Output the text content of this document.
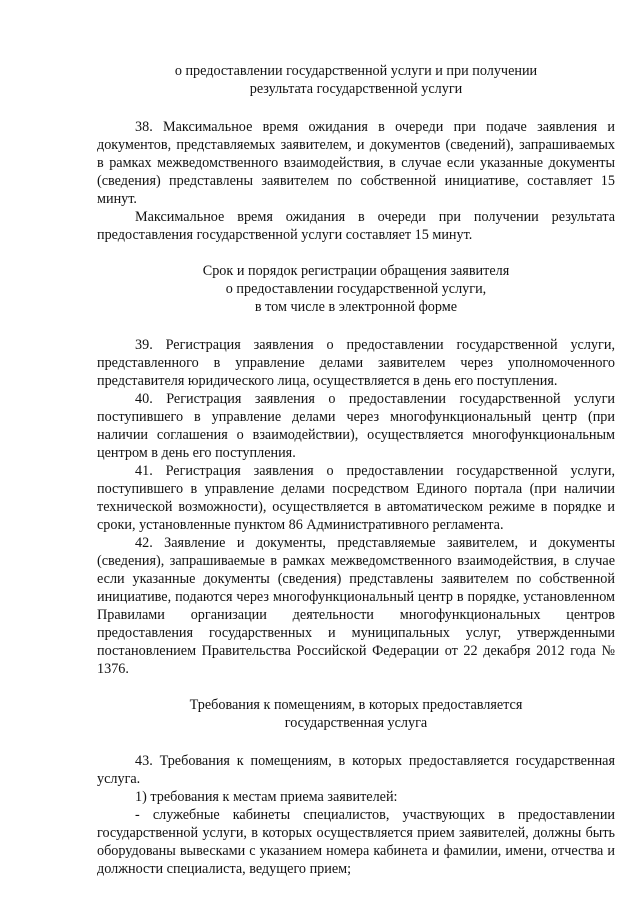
о предоставлении государственной услуги и при получении
результата государственной услуги

38. Максимальное время ожидания в очереди при подаче заявления и документов, представляемых заявителем, и документов (сведений), запрашиваемых в рамках межведомственного взаимодействия, в случае если указанные документы (сведения) представлены заявителем по собственной инициативе, составляет 15 минут.

Максимальное время ожидания в очереди при получении результата предоставления государственной услуги составляет 15 минут.

Срок и порядок регистрации обращения заявителя
о предоставлении государственной услуги,
в том числе в электронной форме

39. Регистрация заявления о предоставлении государственной услуги, представленного в управление делами заявителем через уполномоченного представителя юридического лица, осуществляется в день его поступления.

40. Регистрация заявления о предоставлении государственной услуги поступившего в управление делами через многофункциональный центр (при наличии соглашения о взаимодействии), осуществляется многофункциональным центром в день его поступления.

41. Регистрация заявления о предоставлении государственной услуги, поступившего в управление делами посредством Единого портала (при наличии технической возможности), осуществляется в автоматическом режиме в порядке и сроки, установленные пунктом 86 Административного регламента.

42. Заявление и документы, представляемые заявителем, и документы (сведения), запрашиваемые в рамках межведомственного взаимодействия, в случае если указанные документы (сведения) представлены заявителем по собственной инициативе, подаются через многофункциональный центр в порядке, установленном Правилами организации деятельности многофункциональных центров предоставления государственных и муниципальных услуг, утвержденными постановлением Правительства Российской Федерации от 22 декабря 2012 года № 1376.

Требования к помещениям, в которых предоставляется
государственная услуга

43. Требования к помещениям, в которых предоставляется государственная услуга.

1) требования к местам приема заявителей:

- служебные кабинеты специалистов, участвующих в предоставлении государственной услуги, в которых осуществляется прием заявителей, должны быть оборудованы вывесками с указанием номера кабинета и фамилии, имени, отчества и должности специалиста, ведущего прием;
